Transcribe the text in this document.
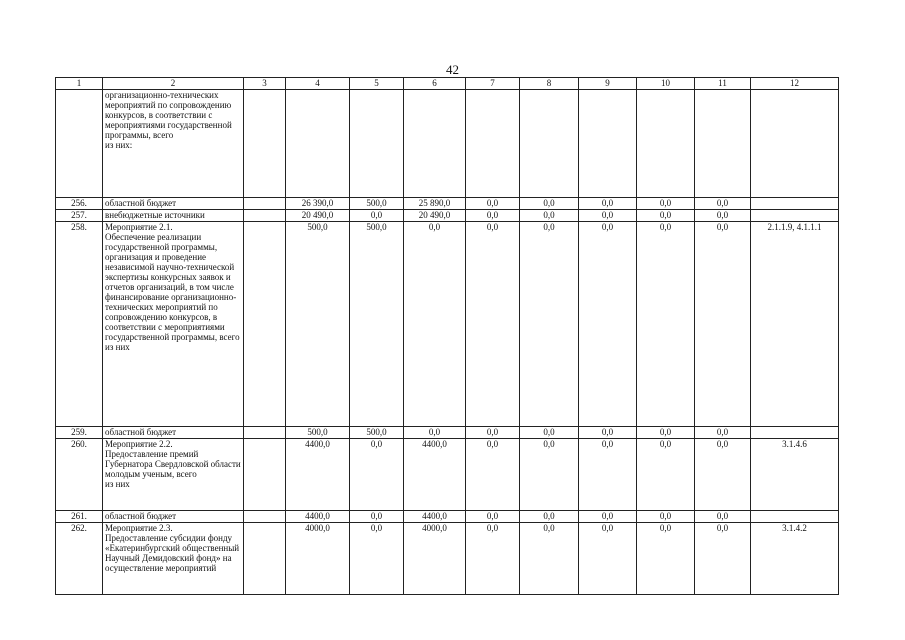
42
1	2	3	4	5	6	7	8	9	10	11	12
	организационно-технических мероприятий по сопровождению конкурсов, в соответствии с мероприятиями государственной программы, всего
из них:										
256.	областной бюджет		26 390,0	500,0	25 890,0	0,0	0,0	0,0	0,0	0,0	
257.	внебюджетные источники		20 490,0	0,0	20 490,0	0,0	0,0	0,0	0,0	0,0	
258.	Мероприятие 2.1.
Обеспечение реализации государственной программы, организация и проведение независимой научно-технической экспертизы конкурсных заявок и отчетов организаций, в том числе финансирование организационно-технических мероприятий по сопровождению конкурсов, в соответствии с мероприятиями государственной программы, всего
из них		500,0	500,0	0,0	0,0	0,0	0,0	0,0	0,0	2.1.1.9, 4.1.1.1
259.	областной бюджет		500,0	500,0	0,0	0,0	0,0	0,0	0,0	0,0	
260.	Мероприятие 2.2.
Предоставление премий Губернатора Свердловской области молодым ученым, всего
из них		4400,0	0,0	4400,0	0,0	0,0	0,0	0,0	0,0	3.1.4.6
261.	областной бюджет		4400,0	0,0	4400,0	0,0	0,0	0,0	0,0	0,0	
262.	Мероприятие 2.3.
Предоставление субсидии фонду «Екатеринбургский общественный Научный Демидовский фонд» на осуществление мероприятий		4000,0	0,0	4000,0	0,0	0,0	0,0	0,0	0,0	3.1.4.2
